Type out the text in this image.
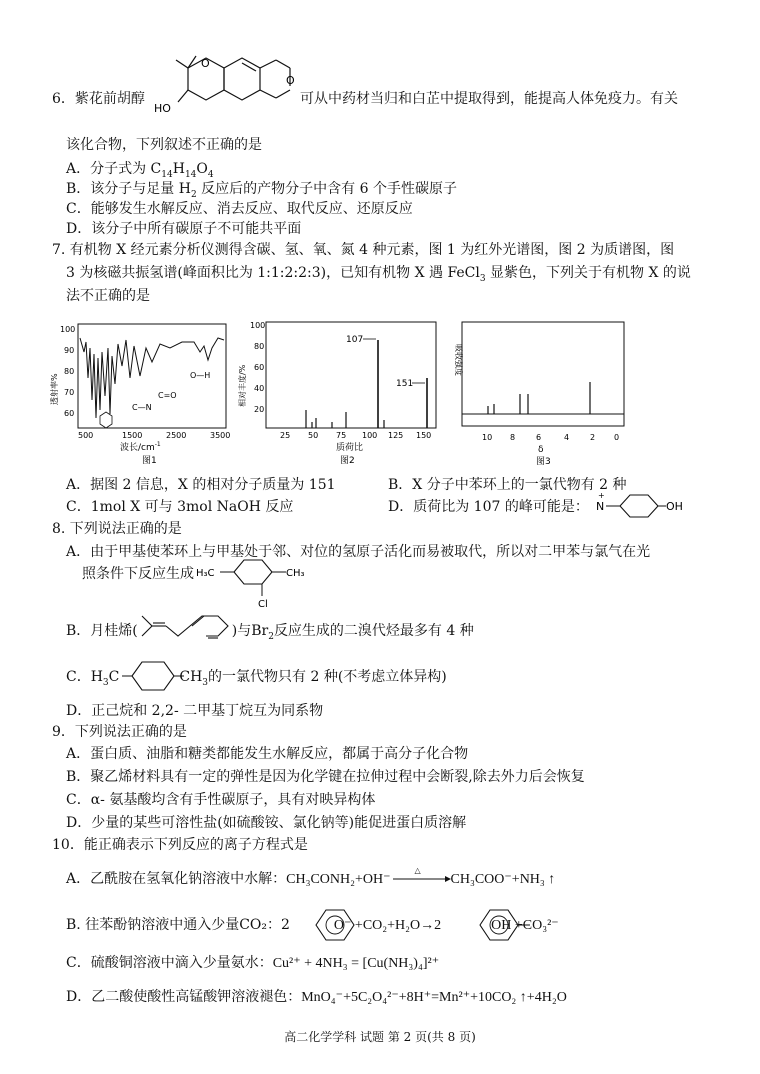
6．紫花前胡醇
O
HO
O
可从中药材当归和白芷中提取得到，能提高人体免疫力。有关
该化合物，下列叙述不正确的是
A．分子式为 $C_{14}H_{14}O_4$
B．该分子与足量 $H_2$ 反应后的产物分子中含有 6 个手性碳原子
C．能够发生水解反应、消去反应、取代反应、还原反应
D．该分子中所有碳原子不可能共平面
7. 有机物 X 经元素分析仪测得含碳、氢、氧、氮 4 种元素，图 1 为红外光谱图，图 2 为质谱图，图
3 为核磁共振氢谱(峰面积比为 1:1:2:2:3)，已知有机物 X 遇 FeCl$_3$ 显紫色，下列关于有机物 X 的说
法不正确的是
透射率%
100
90
80
70
60
500	1500	2500	3500
O—H
C=O
C—N
波长$/cm^{-1}$
图1
相对丰度/%
100
80
60
40
20
25 50 75 100 125 150
107
151
质荷比
图2
吸收强度
10 8	6	4	2 0
δ
图3
A．据图 2 信息，X 的相对分子质量为 151	B．X 分子中苯环上的一氯代物有 2 种
C．1mol X 可与 3mol NaOH 反应	D．质荷比为 107 的峰可能是：
+
N	OH
8. 下列说法正确的是
A．由于甲基使苯环上与甲基处于邻、对位的氢原子活化而易被取代，所以对二甲苯与氯气在光
照条件下反应生成 H₃C	CH₃
Cl
B．月桂烯(	)与$Br_2$反应生成的二溴代烃最多有 4 种
C．$H_3C$	$CH_3$的一氯代物只有 2 种(不考虑立体异构)
D．正己烷和 2,2- 二甲基丁烷互为同系物
9．下列说法正确的是
A．蛋白质、油脂和糖类都能发生水解反应，都属于高分子化合物
B．聚乙烯材料具有一定的弹性是因为化学键在拉伸过程中会断裂,除去外力后会恢复
C．α- 氨基酸均含有手性碳原子，具有对映异构体
D．少量的某些可溶性盐(如硫酸铵、氯化钠等)能促进蛋白质溶解
10．能正确表示下列反应的离子方程式是
A．乙酰胺在氢氧化钠溶液中水解：CH₃CONH₂+OH⁻
△
CH₃COO⁻+NH₃ ↑
B. 往苯酚钠溶液中通入少量CO₂：2	O⁻ +CO₂+H₂O→2	OH +CO₃²⁻
C．硫酸铜溶液中滴入少量氨水：Cu²⁺ + 4NH₃ = [Cu(NH₃)₄]²⁺
D．乙二酸使酸性高锰酸钾溶液褪色：MnO₄⁻+5C₂O₄²⁻+8H⁺=Mn²⁺+10CO₂ ↑+4H₂O
高二化学学科 试题 第 2 页(共 8 页)
